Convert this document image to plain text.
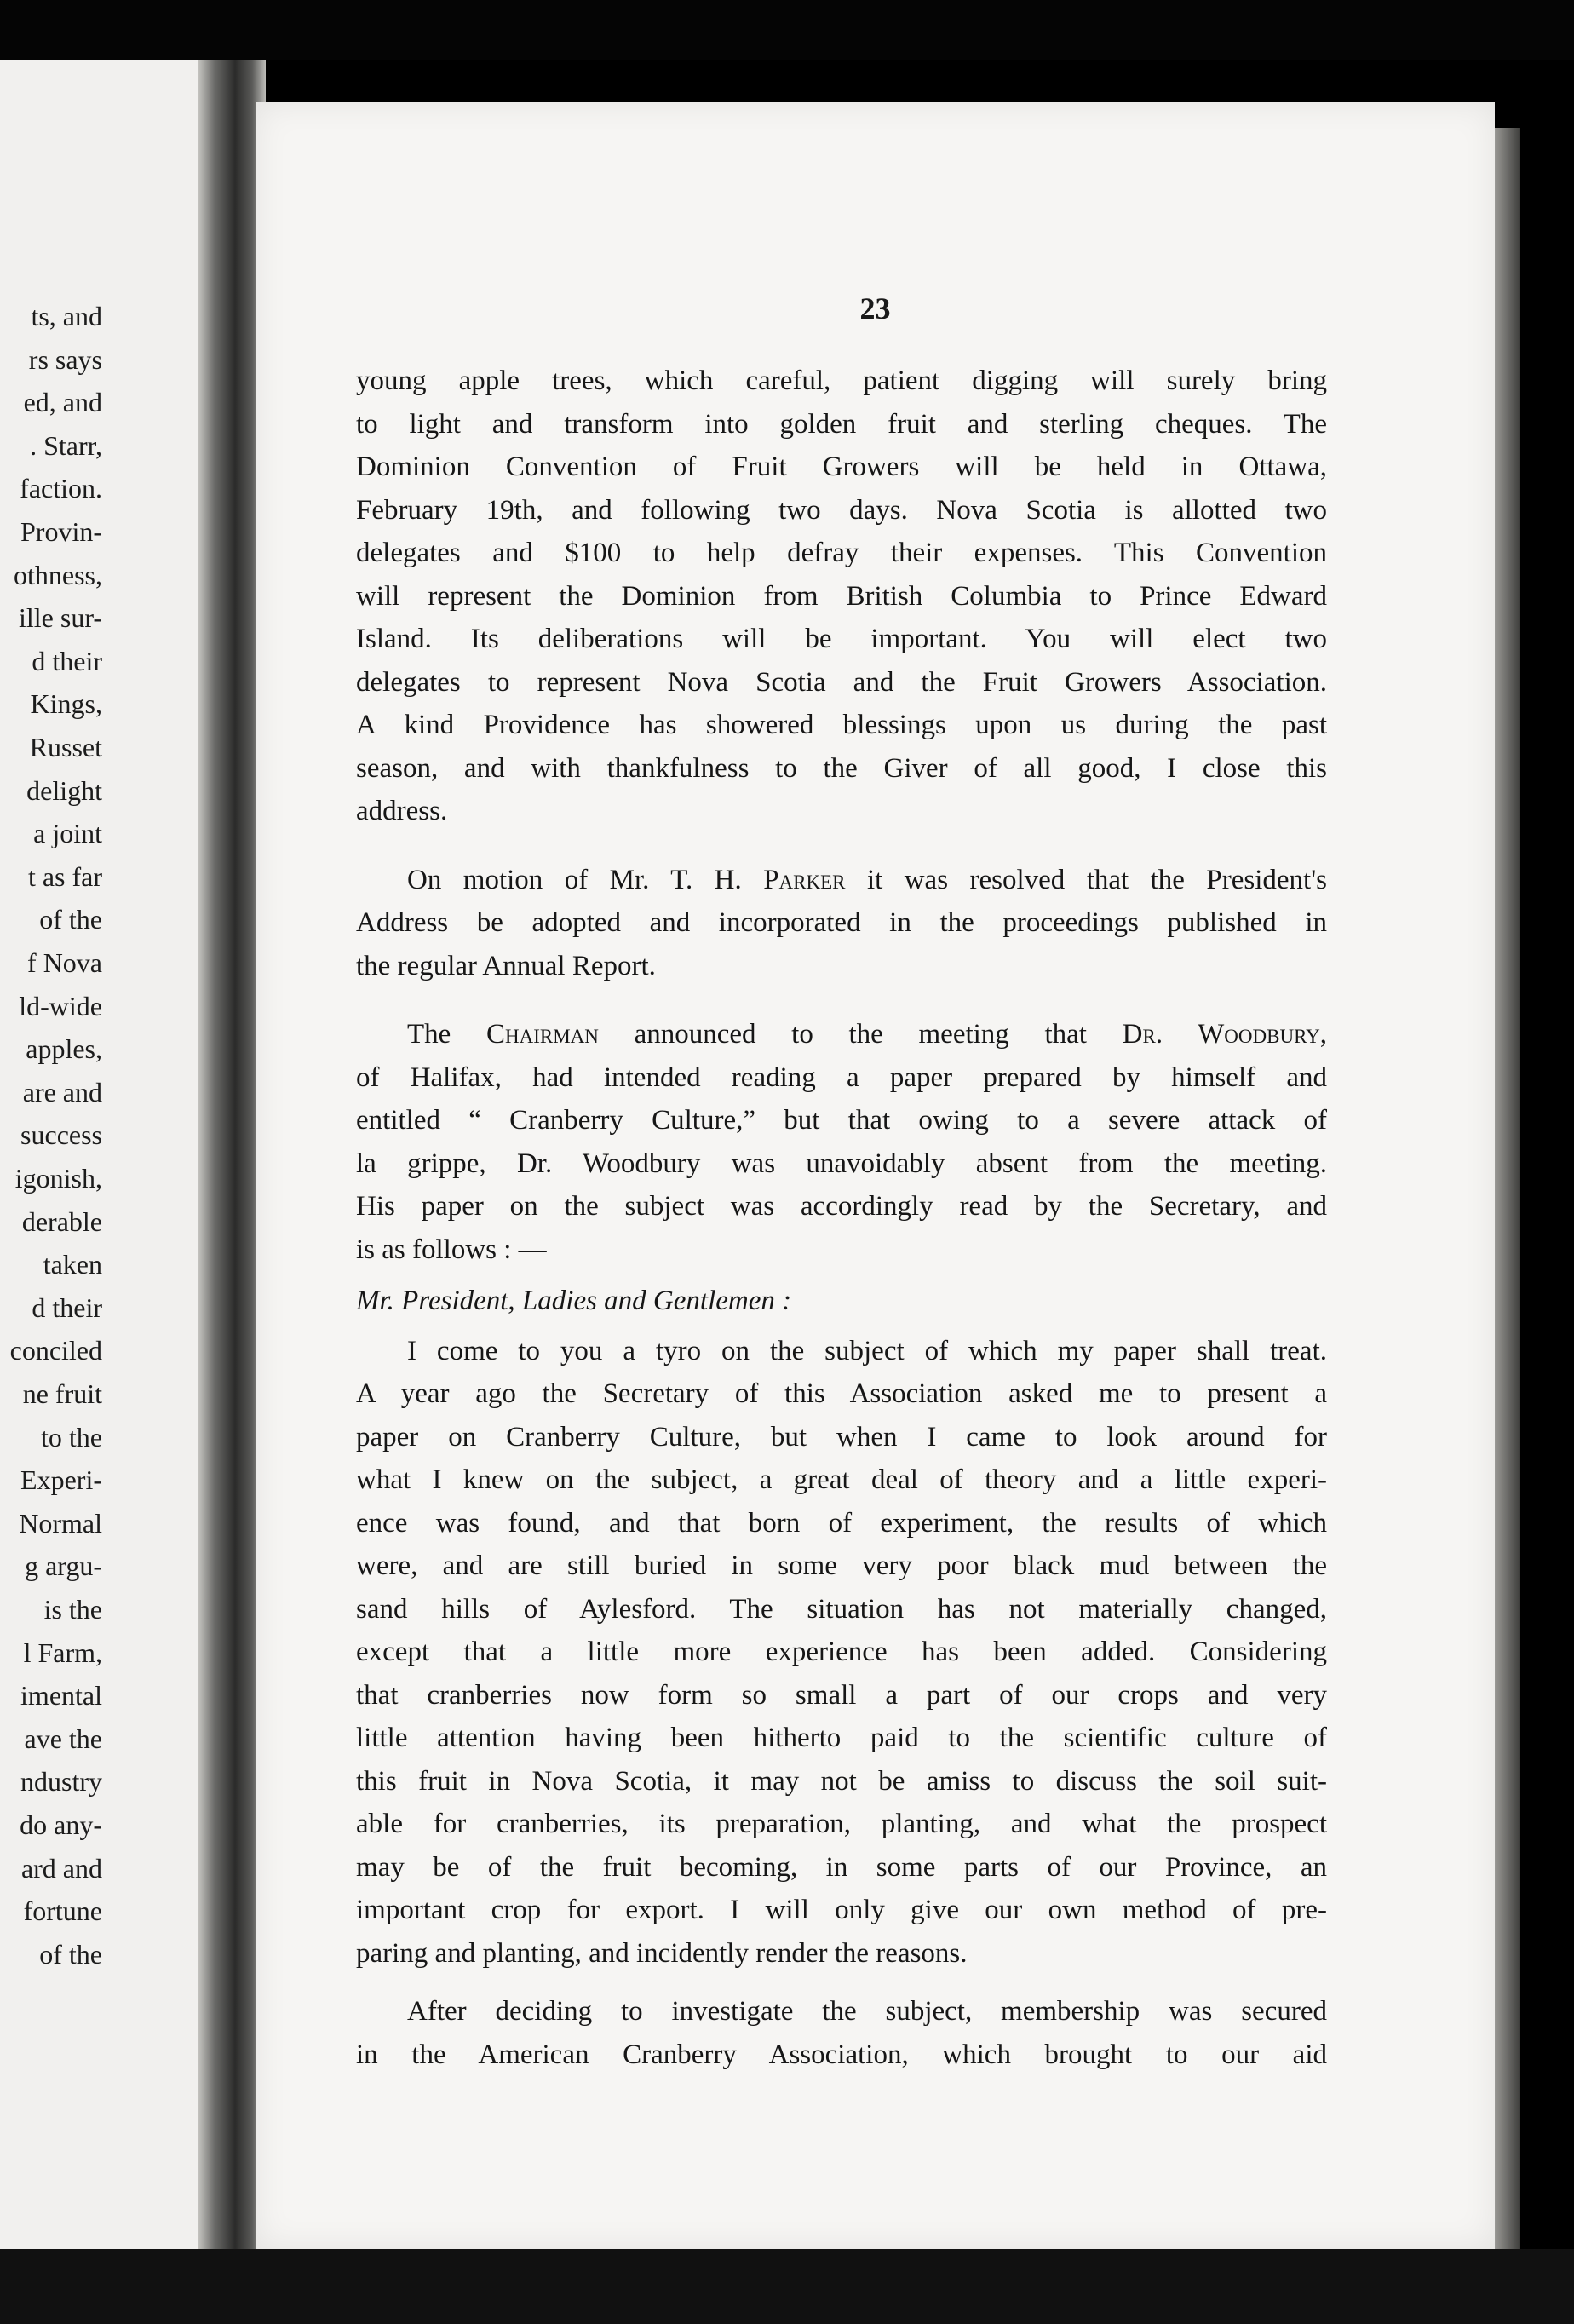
ts, and
rs says
ed, and
. Starr,
faction.
Provin-
othness,
ille sur-
d their
Kings,
Russet
delight
a joint
t as far
of the
f Nova
ld-wide
apples,
are and
success
igonish,
derable
taken
d their
conciled
ne fruit
to the
Experi-
Normal
g argu-
is the
l Farm,
imental
ave the
ndustry
do any-
ard and
fortune
of the
23
young apple trees, which careful, patient digging will surely bring
to light and transform into golden fruit and sterling cheques. The
Dominion Convention of Fruit Growers will be held in Ottawa,
February 19th, and following two days. Nova Scotia is allotted two
delegates and $100 to help defray their expenses. This Convention
will represent the Dominion from British Columbia to Prince Edward
Island. Its deliberations will be important. You will elect two
delegates to represent Nova Scotia and the Fruit Growers Association.
A kind Providence has showered blessings upon us during the past
season, and with thankfulness to the Giver of all good, I close this
address.
On motion of Mr. T. H. Parker it was resolved that the President's
Address be adopted and incorporated in the proceedings published in
the regular Annual Report.
The Chairman announced to the meeting that Dr. Woodbury,
of Halifax, had intended reading a paper prepared by himself and
entitled “ Cranberry Culture,” but that owing to a severe attack of
la grippe, Dr. Woodbury was unavoidably absent from the meeting.
His paper on the subject was accordingly read by the Secretary, and
is as follows : —
Mr. President, Ladies and Gentlemen :
I come to you a tyro on the subject of which my paper shall treat.
A year ago the Secretary of this Association asked me to present a
paper on Cranberry Culture, but when I came to look around for
what I knew on the subject, a great deal of theory and a little experi-
ence was found, and that born of experiment, the results of which
were, and are still buried in some very poor black mud between the
sand hills of Aylesford. The situation has not materially changed,
except that a little more experience has been added. Considering
that cranberries now form so small a part of our crops and very
little attention having been hitherto paid to the scientific culture of
this fruit in Nova Scotia, it may not be amiss to discuss the soil suit-
able for cranberries, its preparation, planting, and what the prospect
may be of the fruit becoming, in some parts of our Province, an
important crop for export. I will only give our own method of pre-
paring and planting, and incidently render the reasons.
After deciding to investigate the subject, membership was secured
in the American Cranberry Association, which brought to our aid
